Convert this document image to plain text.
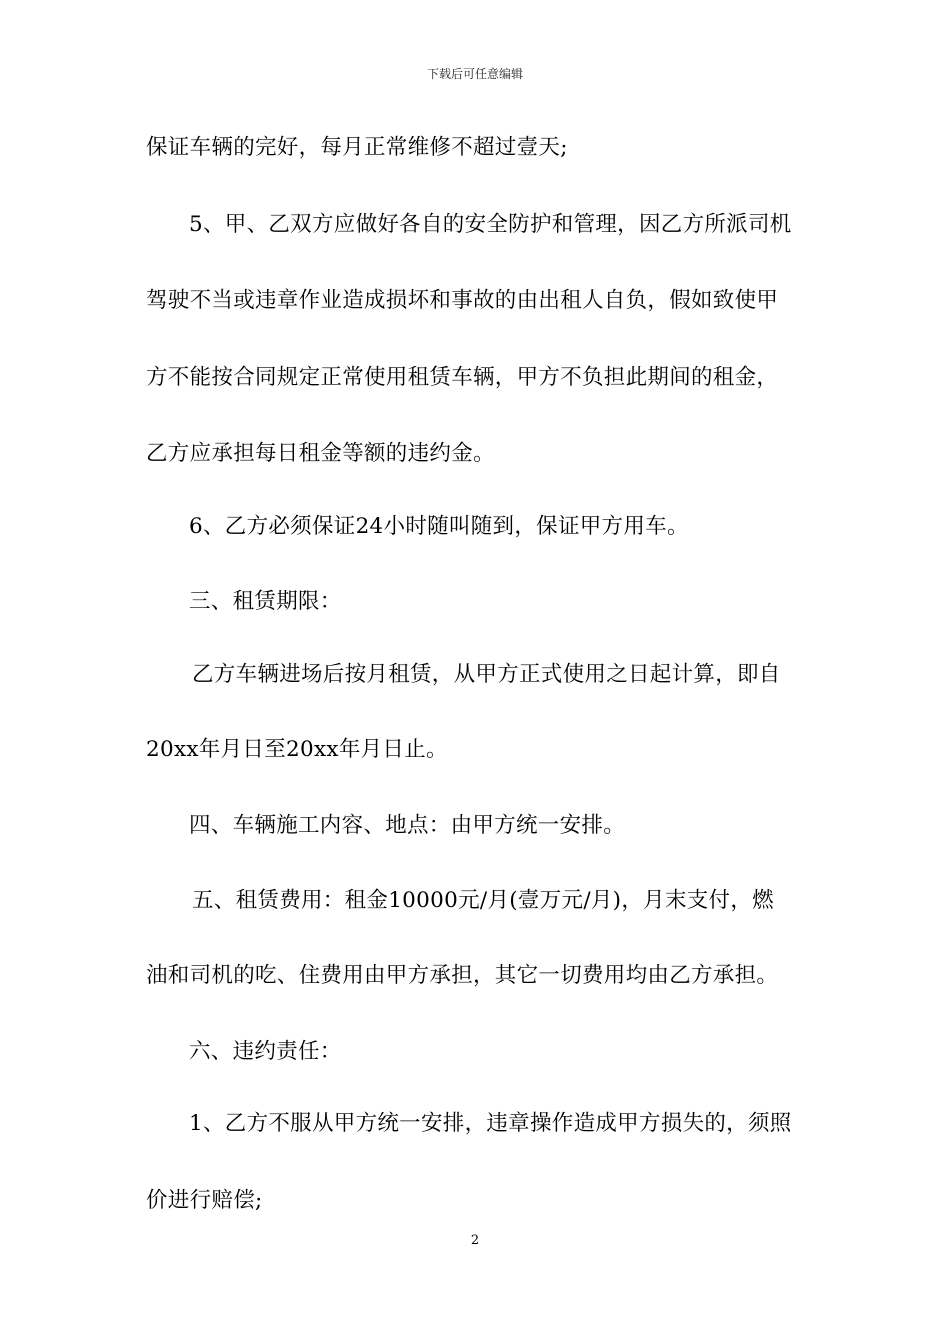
下载后可任意编辑
保证车辆的完好，每月正常维修不超过壹天;
5、甲、乙双方应做好各自的安全防护和管理，因乙方所派司机
驾驶不当或违章作业造成损坏和事故的由出租人自负，假如致使甲
方不能按合同规定正常使用租赁车辆，甲方不负担此期间的租金，
乙方应承担每日租金等额的违约金。
6、乙方必须保证24小时随叫随到，保证甲方用车。
三、租赁期限：
乙方车辆进场后按月租赁，从甲方正式使用之日起计算，即自
20xx年月日至20xx年月日止。
四、车辆施工内容、地点：由甲方统一安排。
五、租赁费用：租金10000元/月(壹万元/月)，月末支付，燃
油和司机的吃、住费用由甲方承担，其它一切费用均由乙方承担。
六、违约责任：
1、乙方不服从甲方统一安排，违章操作造成甲方损失的，须照
价进行赔偿;
2
